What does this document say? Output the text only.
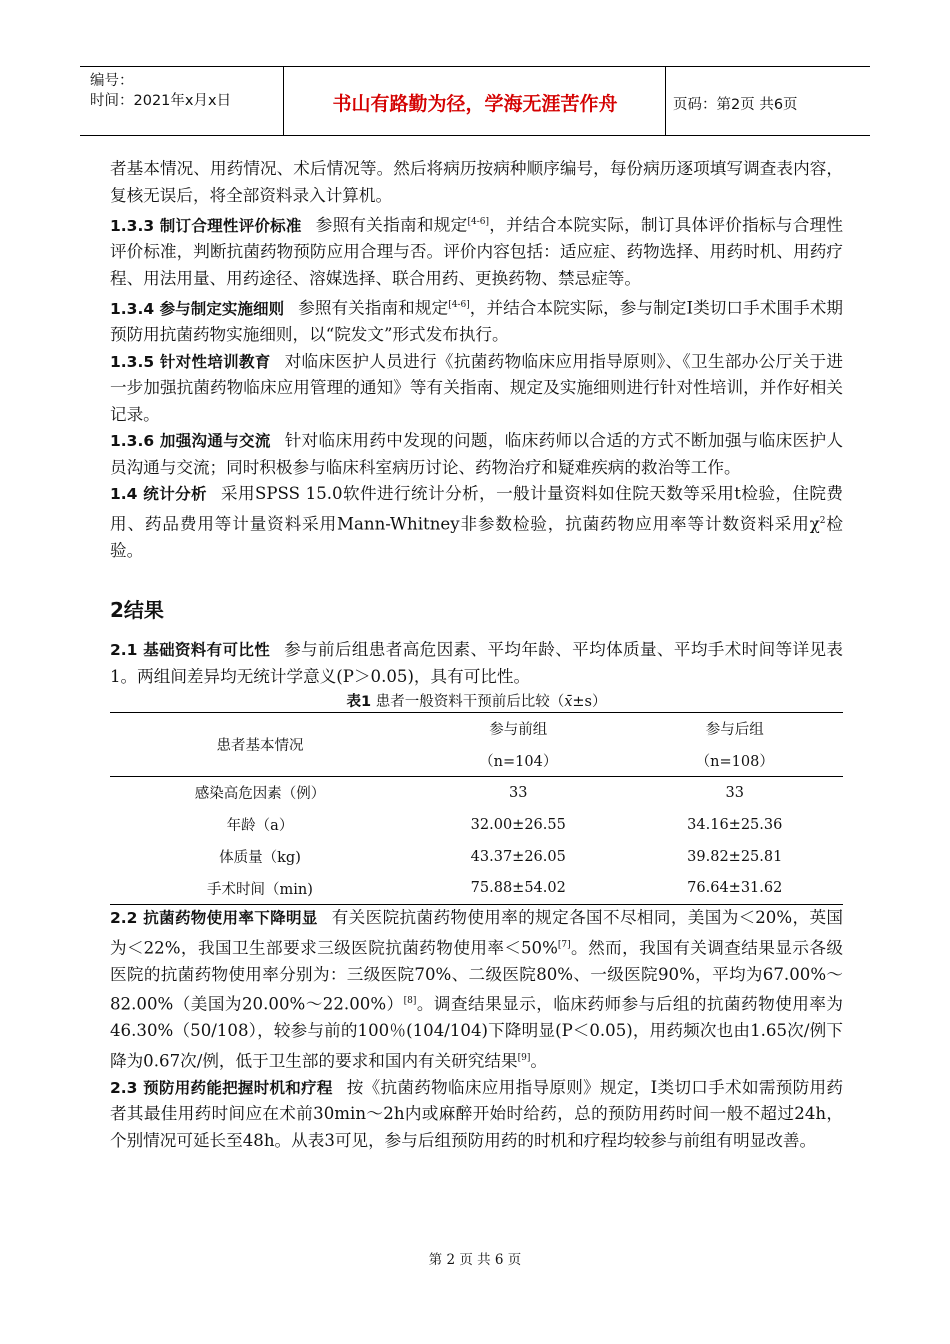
编号：
时间：2021年x月x日	书山有路勤为径，学海无涯苦作舟	页码：第2页 共6页

者基本情况、用药情况、术后情况等。然后将病历按病种顺序编号，每份病历逐项填写调查表内容，复核无误后，将全部资料录入计算机。

1.3.3 制订合理性评价标准 参照有关指南和规定[4-6]，并结合本院实际，制订具体评价指标与合理性评价标准，判断抗菌药物预防应用合理与否。评价内容包括：适应症、药物选择、用药时机、用药疗程、用法用量、用药途径、溶媒选择、联合用药、更换药物、禁忌症等。

1.3.4 参与制定实施细则 参照有关指南和规定[4-6]，并结合本院实际，参与制定Ⅰ类切口手术围手术期预防用抗菌药物实施细则，以“院发文”形式发布执行。

1.3.5 针对性培训教育 对临床医护人员进行《抗菌药物临床应用指导原则》、《卫生部办公厅关于进一步加强抗菌药物临床应用管理的通知》等有关指南、规定及实施细则进行针对性培训，并作好相关记录。

1.3.6 加强沟通与交流 针对临床用药中发现的问题，临床药师以合适的方式不断加强与临床医护人员沟通与交流；同时积极参与临床科室病历讨论、药物治疗和疑难疾病的救治等工作。

1.4 统计分析 采用SPSS 15.0软件进行统计分析，一般计量资料如住院天数等采用t检验，住院费用、药品费用等计量资料采用Mann-Whitney非参数检验，抗菌药物应用率等计数资料采用$\chi^2$检验。

2结果

2.1 基础资料有可比性 参与前后组患者高危因素、平均年龄、平均体质量、平均手术时间等详见表1。两组间差异均无统计学意义(P＞0.05)，具有可比性。

表1 患者一般资料干预前后比较（x̄±s）
患者基本情况	参与前组	参与后组
	（n=104）	（n=108）
感染高危因素（例）	33	33
年龄（a）	32.00±26.55	34.16±25.36
体质量（kg)	43.37±26.05	39.82±25.81
手术时间（min)	75.88±54.02	76.64±31.62

2.2 抗菌药物使用率下降明显 有关医院抗菌药物使用率的规定各国不尽相同，美国为＜20%，英国为＜22%，我国卫生部要求三级医院抗菌药物使用率＜50%[7]。然而，我国有关调查结果显示各级医院的抗菌药物使用率分别为：三级医院70%、二级医院80%、一级医院90%，平均为67.00%～82.00%（美国为20.00%～22.00%）[8]。调查结果显示，临床药师参与后组的抗菌药物使用率为46.30%（50/108），较参与前的100％(104/104)下降明显(P＜0.05)，用药频次也由1.65次/例下降为0.67次/例，低于卫生部的要求和国内有关研究结果[9]。

2.3 预防用药能把握时机和疗程 按《抗菌药物临床应用指导原则》规定，Ⅰ类切口手术如需预防用药者其最佳用药时间应在术前30min～2h内或麻醉开始时给药，总的预防用药时间一般不超过24h，个别情况可延长至48h。从表3可见，参与后组预防用药的时机和疗程均较参与前组有明显改善。

第 2 页 共 6 页
